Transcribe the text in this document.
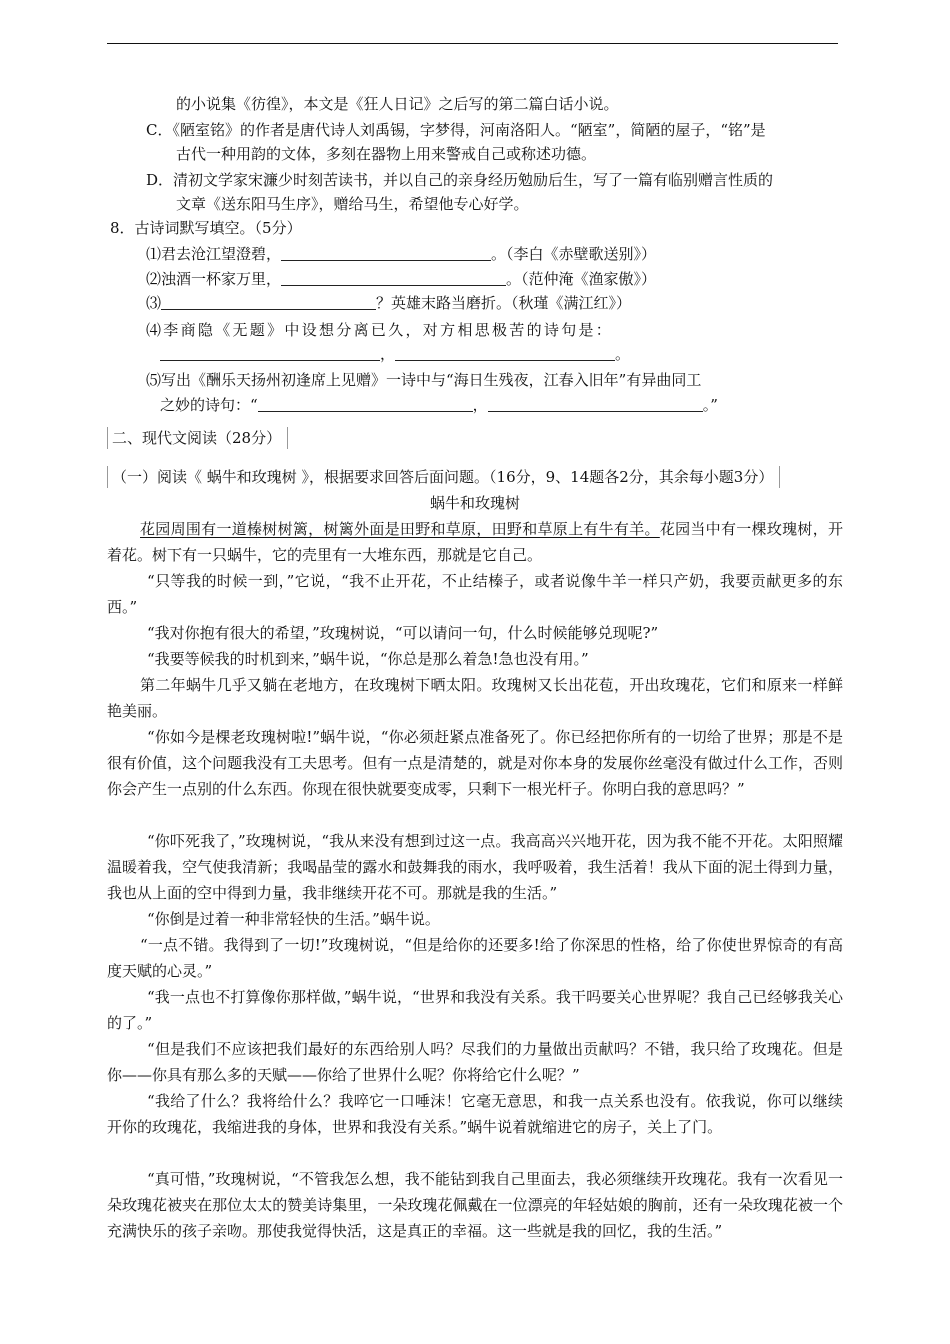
的小说集《彷徨》，本文是《狂人日记》之后写的第二篇白话小说。
C．《陋室铭》的作者是唐代诗人刘禹锡，字梦得，河南洛阳人。“陋室”，简陋的屋子，“铭”是
古代一种用韵的文体，多刻在器物上用来警戒自己或称述功德。
D．清初文学家宋濂少时刻苦读书，并以自己的亲身经历勉励后生，写了一篇有临别赠言性质的
文章《送东阳马生序》，赠给马生，希望他专心好学。
8．古诗词默写填空。（5分）
⑴君去沧江望澄碧，	。（李白《赤壁歌送别》）
⑵浊酒一杯家万里，	。（范仲淹《渔家傲》）
⑶	？英雄末路当磨折。（秋瑾《满江红》）
⑷李商隐《无题》中设想分离已久，对方相思极苦的诗句是：
，	。
⑸写出《酬乐天扬州初逢席上见赠》一诗中与“海日生残夜，江春入旧年”有异曲同工
之妙的诗句：“	，	。”
二、现代文阅读（28分）
（一）阅读《 蜗牛和玫瑰树 》，根据要求回答后面问题。（16分，9、14题各2分，其余每小题3分）
蜗牛和玫瑰树
花园周围有一道榛树树篱，树篱外面是田野和草原，田野和草原上有牛有羊。花园当中有一棵玫瑰树，开着花。树下有一只蜗牛，它的壳里有一大堆东西，那就是它自己。
“只等我的时候一到，”它说，“我不止开花，不止结榛子，或者说像牛羊一样只产奶，我要贡献更多的东西。”
“我对你抱有很大的希望，”玫瑰树说，“可以请问一句，什么时候能够兑现呢?”
“我要等候我的时机到来，”蜗牛说，“你总是那么着急!急也没有用。”
第二年蜗牛几乎又躺在老地方，在玫瑰树下晒太阳。玫瑰树又长出花苞，开出玫瑰花，它们和原来一样鲜艳美丽。
“你如今是棵老玫瑰树啦!”蜗牛说，“你必须赶紧点准备死了。你已经把你所有的一切给了世界；那是不是很有价值，这个问题我没有工夫思考。但有一点是清楚的，就是对你本身的发展你丝毫没有做过什么工作，否则你会产生一点别的什么东西。你现在很快就要变成零，只剩下一根光杆子。你明白我的意思吗？”
“你吓死我了，”玫瑰树说，“我从来没有想到过这一点。我高高兴兴地开花，因为我不能不开花。太阳照耀温暖着我，空气使我清新；我喝晶莹的露水和鼓舞我的雨水，我呼吸着，我生活着！我从下面的泥土得到力量，我也从上面的空中得到力量，我非继续开花不可。那就是我的生活。”
“你倒是过着一种非常轻快的生活。”蜗牛说。
“一点不错。我得到了一切!”玫瑰树说，“但是给你的还要多!给了你深思的性格，给了你使世界惊奇的有高度天赋的心灵。”
“我一点也不打算像你那样做，”蜗牛说，“世界和我没有关系。我干吗要关心世界呢？我自己已经够我关心的了。”
“但是我们不应该把我们最好的东西给别人吗？尽我们的力量做出贡献吗？不错，我只给了玫瑰花。但是你——你具有那么多的天赋——你给了世界什么呢？你将给它什么呢？”
“我给了什么？我将给什么？我啐它一口唾沫！它毫无意思，和我一点关系也没有。依我说，你可以继续开你的玫瑰花，我缩进我的身体，世界和我没有关系。”蜗牛说着就缩进它的房子，关上了门。
“真可惜，”玫瑰树说，“不管我怎么想，我不能钻到我自己里面去，我必须继续开玫瑰花。我有一次看见一朵玫瑰花被夹在那位太太的赞美诗集里，一朵玫瑰花佩戴在一位漂亮的年轻姑娘的胸前，还有一朵玫瑰花被一个充满快乐的孩子亲吻。那使我觉得快活，这是真正的幸福。这一些就是我的回忆，我的生活。”
